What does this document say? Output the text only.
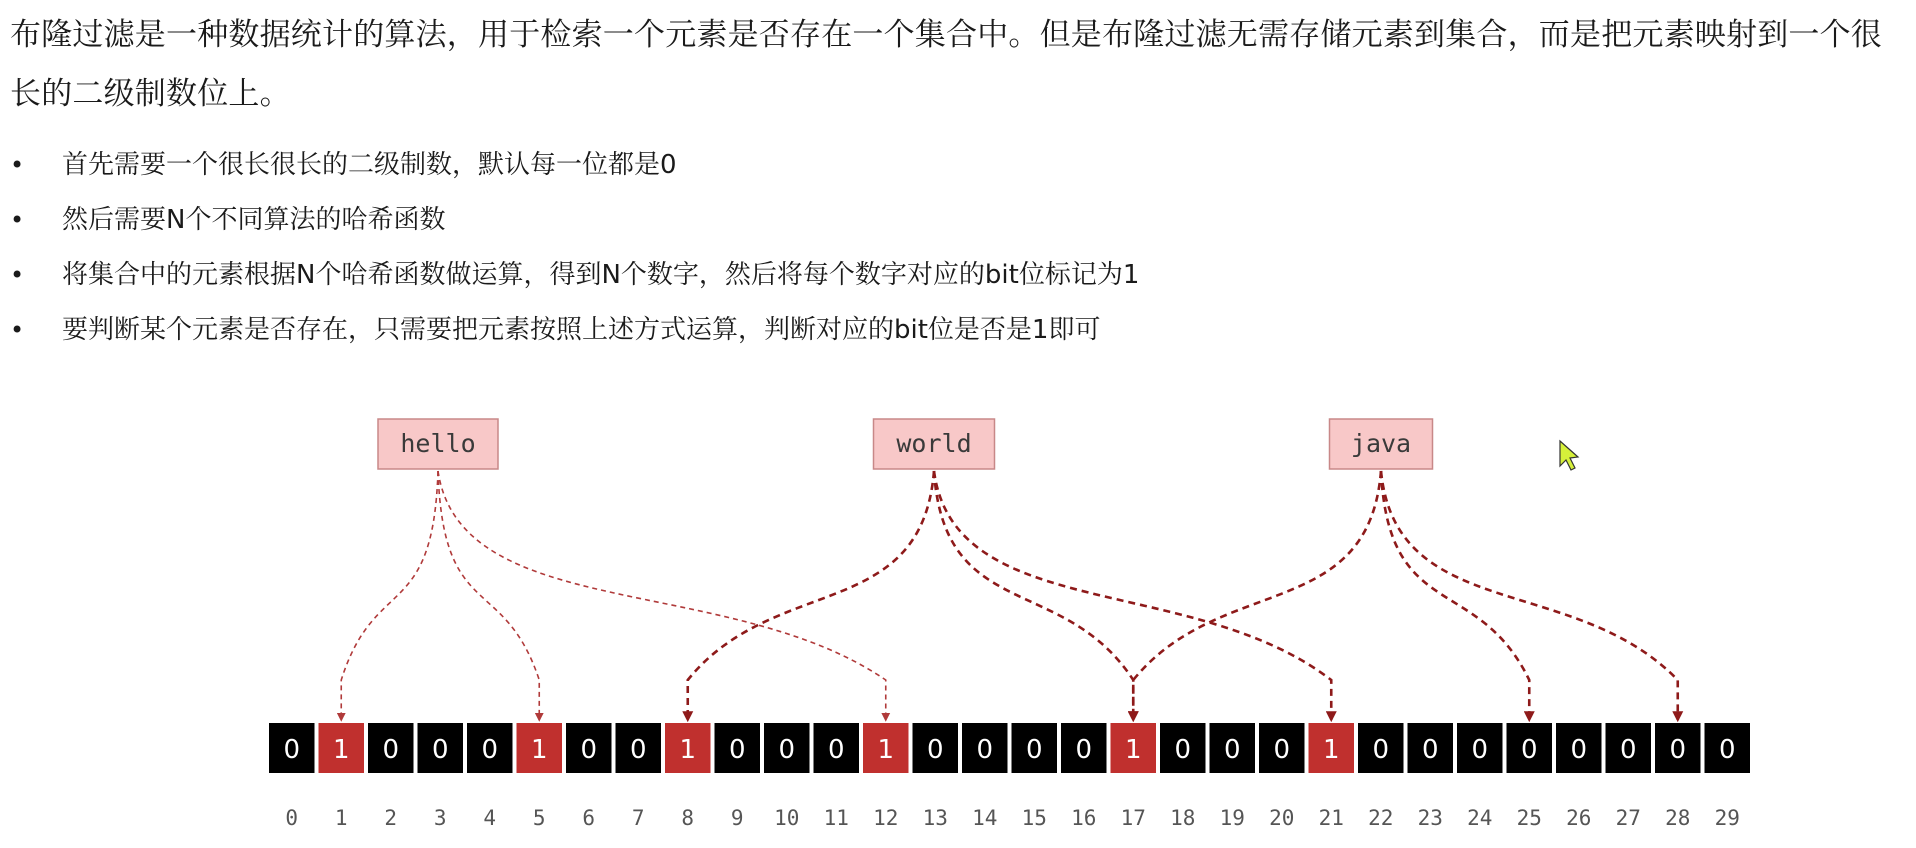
布隆过滤是一种数据统计的算法，用于检索一个元素是否存在一个集合中。但是布隆过滤无需存储元素到集合，而是把元素映射到一个很长的二级制数位上。

• 首先需要一个很长很长的二级制数，默认每一位都是0
• 然后需要N个不同算法的哈希函数
• 将集合中的元素根据N个哈希函数做运算，得到N个数字，然后将每个数字对应的bit位标记为1
• 要判断某个元素是否存在，只需要把元素按照上述方式运算，判断对应的bit位是否是1即可
hello	world	java
0 1 0 0 0 1 0 0 1 0 0 0 1 0 0 0 0 1 0 0 0 1 0 0 0 0 0 0 0 0
0 1 2 3 4 5 6 7 8 9 10 11 12 13 14 15 16 17 18 19 20 21 22 23 24 25 26 27 28 29
